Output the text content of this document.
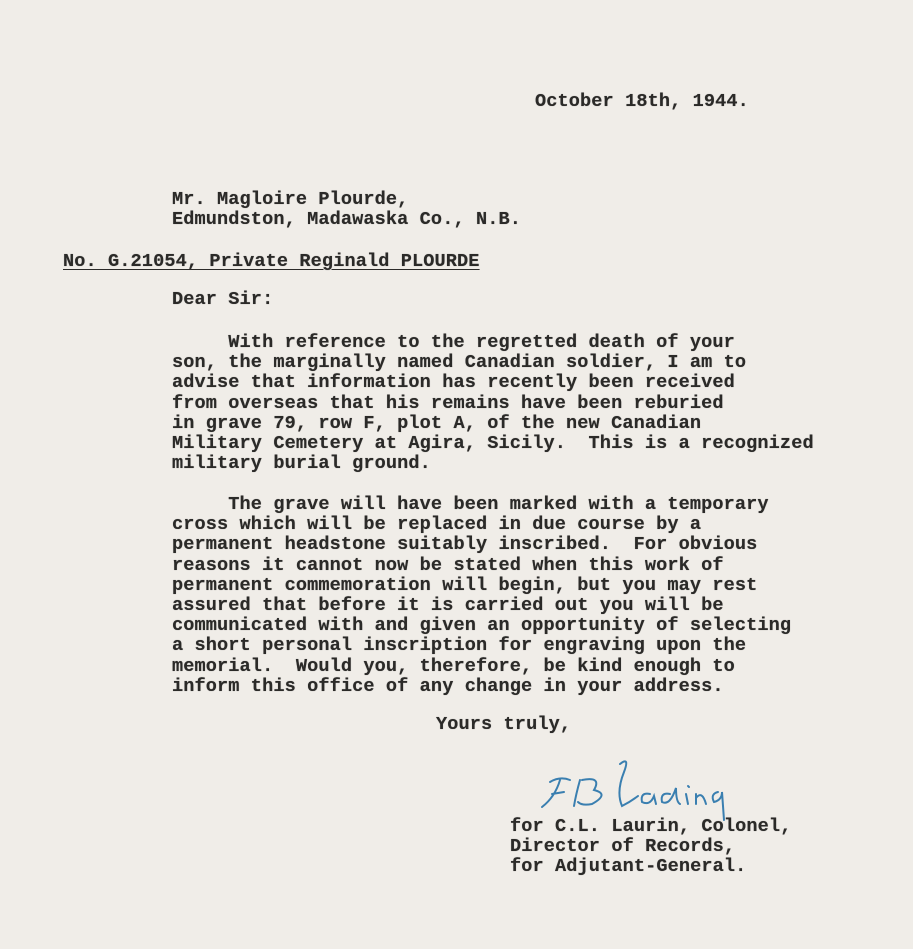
October 18th, 1944.
Mr. Magloire Plourde,
Edmundston, Madawaska Co., N.B.
No. G.21054, Private Reginald PLOURDE
Dear Sir:
With reference to the regretted death of your
son, the marginally named Canadian soldier, I am to
advise that information has recently been received
from overseas that his remains have been reburied
in grave 79, row F, plot A, of the new Canadian
Military Cemetery at Agira, Sicily.  This is a recognized
military burial ground.
The grave will have been marked with a temporary
cross which will be replaced in due course by a
permanent headstone suitably inscribed.  For obvious
reasons it cannot now be stated when this work of
permanent commemoration will begin, but you may rest
assured that before it is carried out you will be
communicated with and given an opportunity of selecting
a short personal inscription for engraving upon the
memorial.  Would you, therefore, be kind enough to
inform this office of any change in your address.
Yours truly,
for C.L. Laurin, Colonel,
Director of Records,
for Adjutant-General.
